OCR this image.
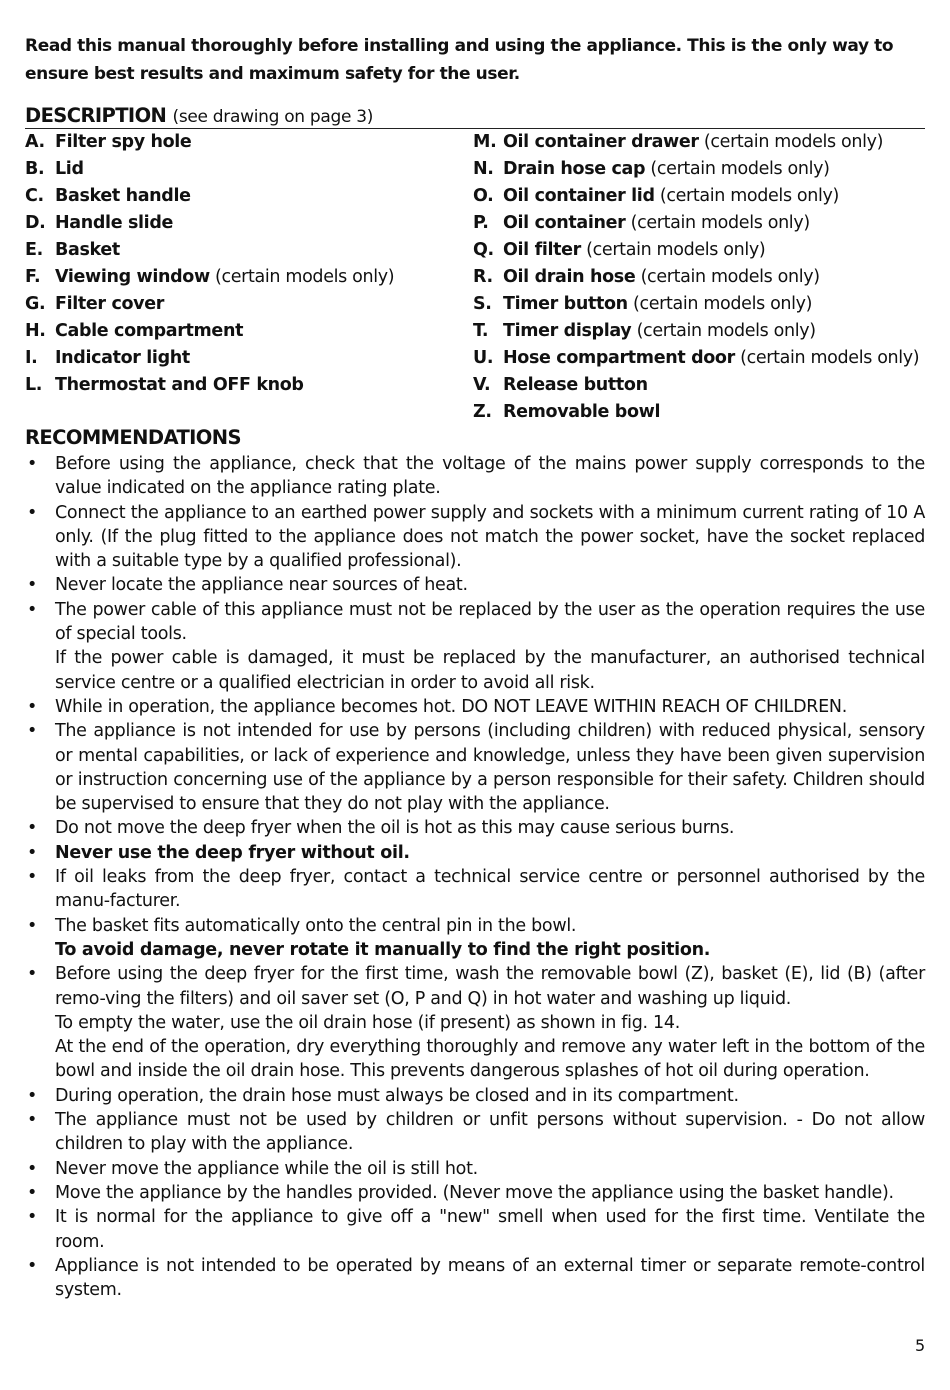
Read this manual thoroughly before installing and using the appliance. This is the only way to ensure best results and maximum safety for the user.

DESCRIPTION (see drawing on page 3)
A. Filter spy hole
B. Lid
C. Basket handle
D. Handle slide
E. Basket
F. Viewing window (certain models only)
G. Filter cover
H. Cable compartment
I.	Indicator light
L. Thermostat and OFF knob
M. Oil container drawer (certain models only)
N. Drain hose cap (certain models only)
O. Oil container lid (certain models only)
P. Oil container (certain models only)
Q. Oil filter (certain models only)
R. Oil drain hose (certain models only)
S. Timer button (certain models only)
T. Timer display (certain models only)
U. Hose compartment door (certain models only)
V. Release button
Z. Removable bowl
RECOMMENDATIONS
• Before using the appliance, check that the voltage of the mains power supply corresponds to the value indicated on the appliance rating plate.
• Connect the appliance to an earthed power supply and sockets with a minimum current rating of 10 A only. (If the plug fitted to the appliance does not match the power socket, have the socket replaced with a suitable type by a qualified professional).
• Never locate the appliance near sources of heat.
• The power cable of this appliance must not be replaced by the user as the operation requires the use of special tools.
If the power cable is damaged, it must be replaced by the manufacturer, an authorised technical service centre or a qualified electrician in order to avoid all risk.
• While in operation, the appliance becomes hot. DO NOT LEAVE WITHIN REACH OF CHILDREN.
• The appliance is not intended for use by persons (including children) with reduced physical, sensory or mental capabilities, or lack of experience and knowledge, unless they have been given supervision or instruction concerning use of the appliance by a person responsible for their safety. Children should be supervised to ensure that they do not play with the appliance.
• Do not move the deep fryer when the oil is hot as this may cause serious burns.
• Never use the deep fryer without oil.
• If oil leaks from the deep fryer, contact a technical service centre or personnel authorised by the manu-facturer.
• The basket fits automatically onto the central pin in the bowl.
To avoid damage, never rotate it manually to find the right position.
• Before using the deep fryer for the first time, wash the removable bowl (Z), basket (E), lid (B) (after remo-ving the filters) and oil saver set (O, P and Q) in hot water and washing up liquid.
To empty the water, use the oil drain hose (if present) as shown in fig. 14.
At the end of the operation, dry everything thoroughly and remove any water left in the bottom of the bowl and inside the oil drain hose. This prevents dangerous splashes of hot oil during operation.
• During operation, the drain hose must always be closed and in its compartment.
• The appliance must not be used by children or unfit persons without supervision. - Do not allow children to play with the appliance.
• Never move the appliance while the oil is still hot.
• Move the appliance by the handles provided. (Never move the appliance using the basket handle).
• It is normal for the appliance to give off a "new" smell when used for the first time. Ventilate the room.
• Appliance is not intended to be operated by means of an external timer or separate remote-control system.
5
